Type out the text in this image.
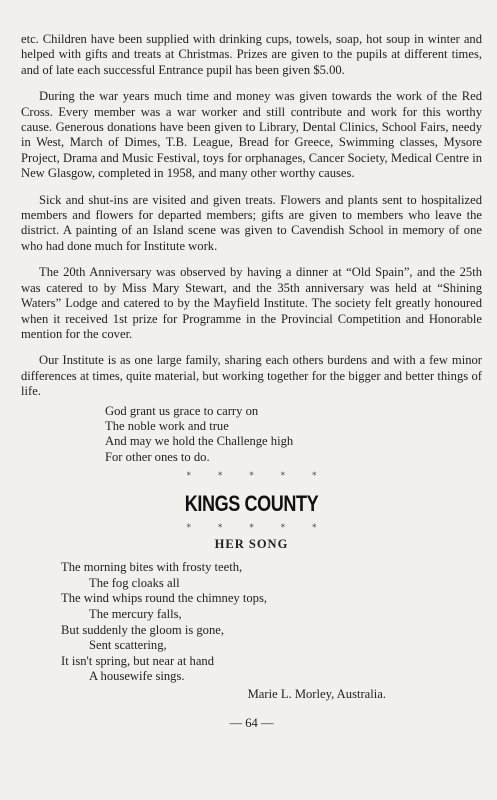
etc. Children have been supplied with drinking cups, towels, soap, hot soup in winter and helped with gifts and treats at Christmas. Prizes are given to the pupils at different times, and of late each successful Entrance pupil has been given $5.00.

During the war years much time and money was given towards the work of the Red Cross. Every member was a war worker and still contribute and work for this worthy cause. Generous donations have been given to Library, Dental Clinics, School Fairs, needy in West, March of Dimes, T.B. League, Bread for Greece, Swimming classes, Mysore Project, Drama and Music Festival, toys for orphanages, Cancer Society, Medical Centre in New Glasgow, completed in 1958, and many other worthy causes.

Sick and shut-ins are visited and given treats. Flowers and plants sent to hospitalized members and flowers for departed members; gifts are given to members who leave the district. A painting of an Island scene was given to Cavendish School in memory of one who had done much for Institute work.

The 20th Anniversary was observed by having a dinner at “Old Spain”, and the 25th was catered to by Miss Mary Stewart, and the 35th anniversary was held at “Shining Waters” Lodge and catered to by the Mayfield Institute. The society felt greatly honoured when it received 1st prize for Programme in the Provincial Competition and Honorable mention for the cover.

Our Institute is as one large family, sharing each others burdens and with a few minor differences at times, quite material, but working together for the bigger and better things of life.

God grant us grace to carry on
The noble work and true
And may we hold the Challenge high
For other ones to do.
* * * * *
KINGS COUNTY
* * * * *
HER SONG
The morning bites with frosty teeth,
The fog cloaks all
The wind whips round the chimney tops,
The mercury falls,
But suddenly the gloom is gone,
Sent scattering,
It isn't spring, but near at hand
A housewife sings.
Marie L. Morley, Australia.
— 64 —
